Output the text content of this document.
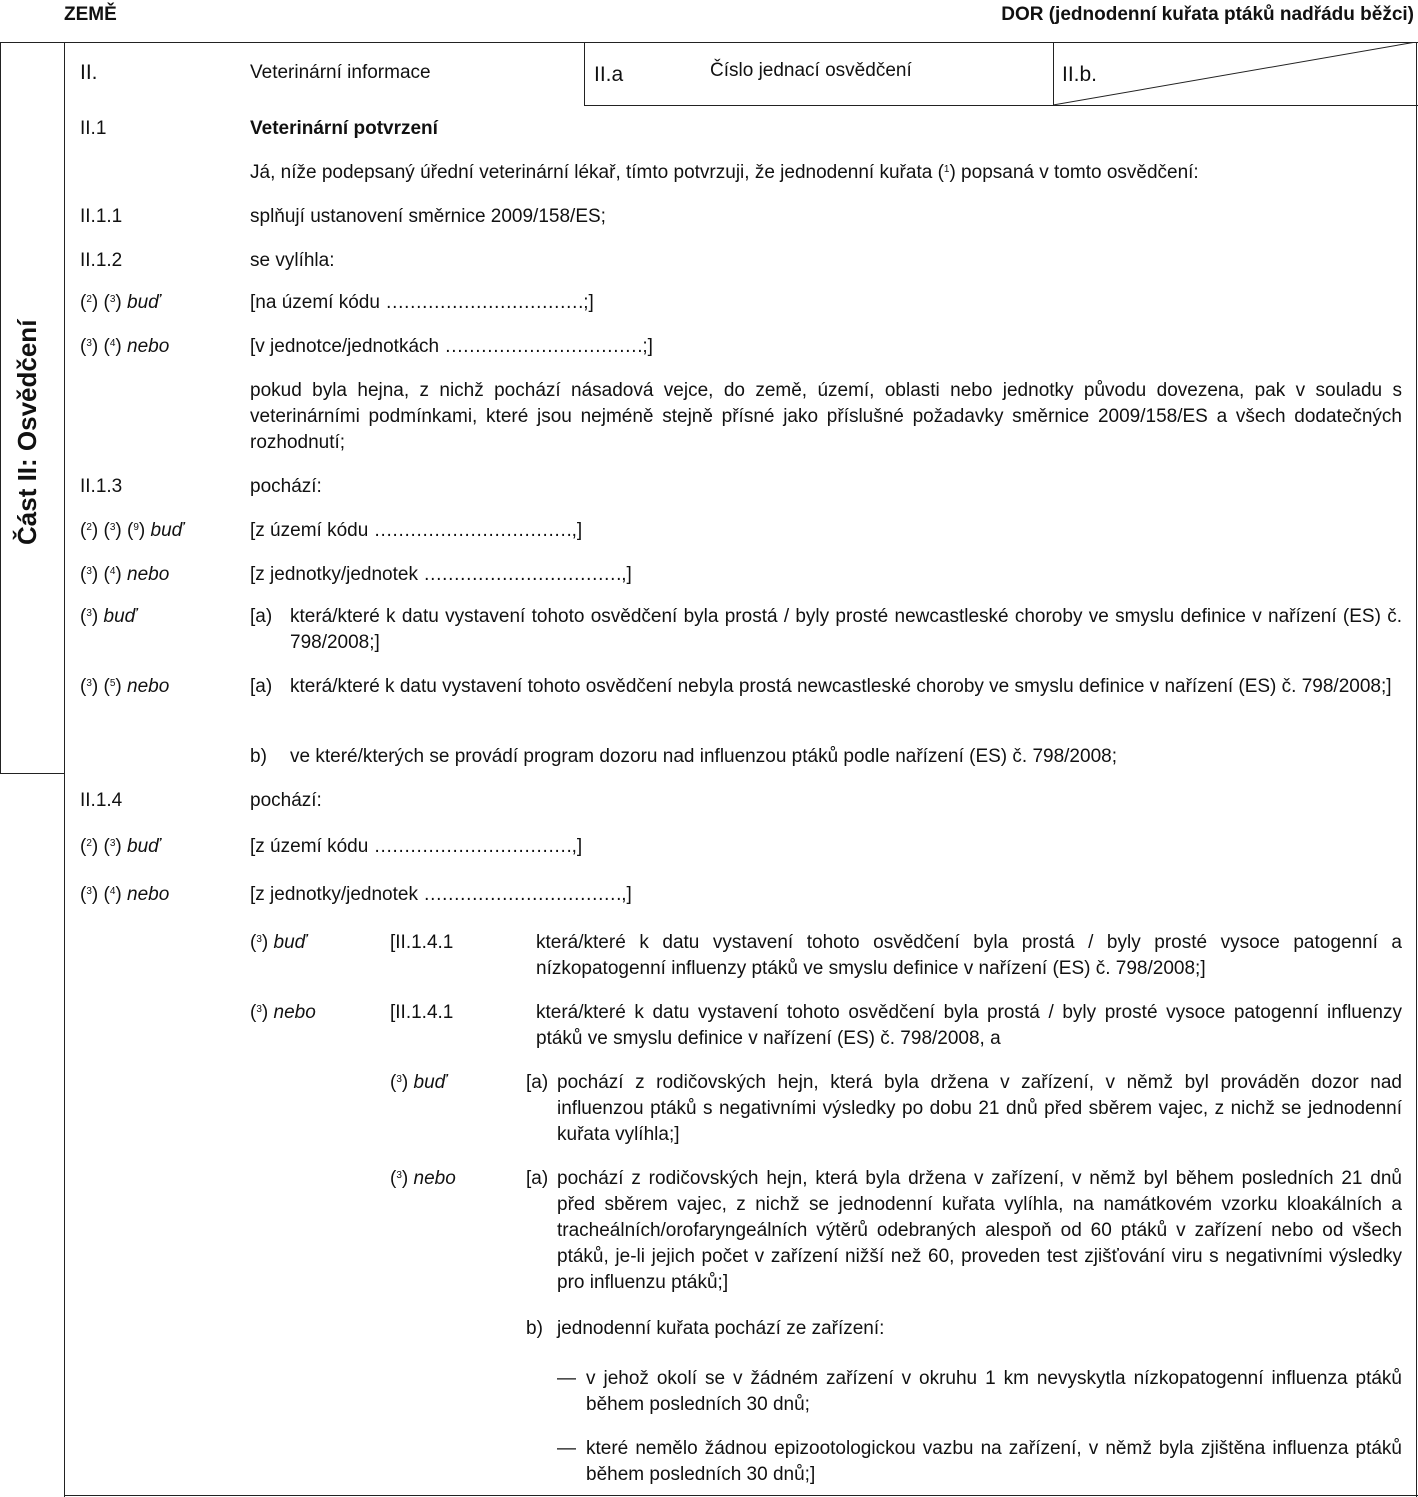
ZEMĚ	DOR (jednodenní kuřata ptáků nadřádu běžci)
Část II: Osvědčení
II.	Veterinární informace	II.a	Číslo jednací osvědčení	II.b.
II.1	Veterinární potvrzení
Já, níže podepsaný úřední veterinární lékař, tímto potvrzuji, že jednodenní kuřata ($^1$) popsaná v tomto osvědčení:
II.1.1	splňují ustanovení směrnice 2009/158/ES;
II.1.2	se vylíhla:
($^2$) ($^3$) buď	[na území kódu ……………………………;]
($^3$) ($^4$) nebo	[v jednotce/jednotkách ……………………………;]
pokud byla hejna, z nichž pochází násadová vejce, do země, území, oblasti nebo jednotky původu dovezena, pak v souladu s veterinárními podmínkami, které jsou nejméně stejně přísné jako příslušné požadavky směrnice 2009/158/ES a všech dodatečných rozhodnutí;
II.1.3	pochází:
($^2$) ($^3$) ($^9$) buď	[z území kódu ……………………………,]
($^3$) ($^4$) nebo	[z jednotky/jednotek ……………………………,]
($^3$) buď	[a) která/které k datu vystavení tohoto osvědčení byla prostá / byly prosté newcastleské choroby ve smyslu definice v nařízení (ES) č. 798/2008;]
($^3$) ($^5$) nebo	[a) která/které k datu vystavení tohoto osvědčení nebyla prostá newcastleské choroby ve smyslu definice v nařízení (ES) č. 798/2008;]
b) ve které/kterých se provádí program dozoru nad influenzou ptáků podle nařízení (ES) č. 798/2008;
II.1.4	pochází:
($^2$) ($^3$) buď	[z území kódu ……………………………,]
($^3$) ($^4$) nebo	[z jednotky/jednotek ……………………………,]
($^3$) buď	[II.1.4.1	která/které k datu vystavení tohoto osvědčení byla prostá / byly prosté vysoce patogenní a nízkopatogenní influenzy ptáků ve smyslu definice v nařízení (ES) č. 798/2008;]
($^3$) nebo	[II.1.4.1	která/které k datu vystavení tohoto osvědčení byla prostá / byly prosté vysoce patogenní influenzy ptáků ve smyslu definice v nařízení (ES) č. 798/2008, a
($^3$) buď	[a) pochází z rodičovských hejn, která byla držena v zařízení, v němž byl prováděn dozor nad influenzou ptáků s negativními výsledky po dobu 21 dnů před sběrem vajec, z nichž se jednodenní kuřata vylíhla;]
($^3$) nebo	[a) pochází z rodičovských hejn, která byla držena v zařízení, v němž byl během posledních 21 dnů před sběrem vajec, z nichž se jednodenní kuřata vylíhla, na namátkovém vzorku kloakálních a tracheálních/orofaryngeálních výtěrů odebraných alespoň od 60 ptáků v zařízení nebo od všech ptáků, je-li jejich počet v zařízení nižší než 60, proveden test zjišťování viru s negativními výsledky pro influenzu ptáků;]
b) jednodenní kuřata pochází ze zařízení:
— v jehož okolí se v žádném zařízení v okruhu 1 km nevyskytla nízkopatogenní influenza ptáků během posledních 30 dnů;
— které nemělo žádnou epizootologickou vazbu na zařízení, v němž byla zjištěna influenza ptáků během posledních 30 dnů;]
